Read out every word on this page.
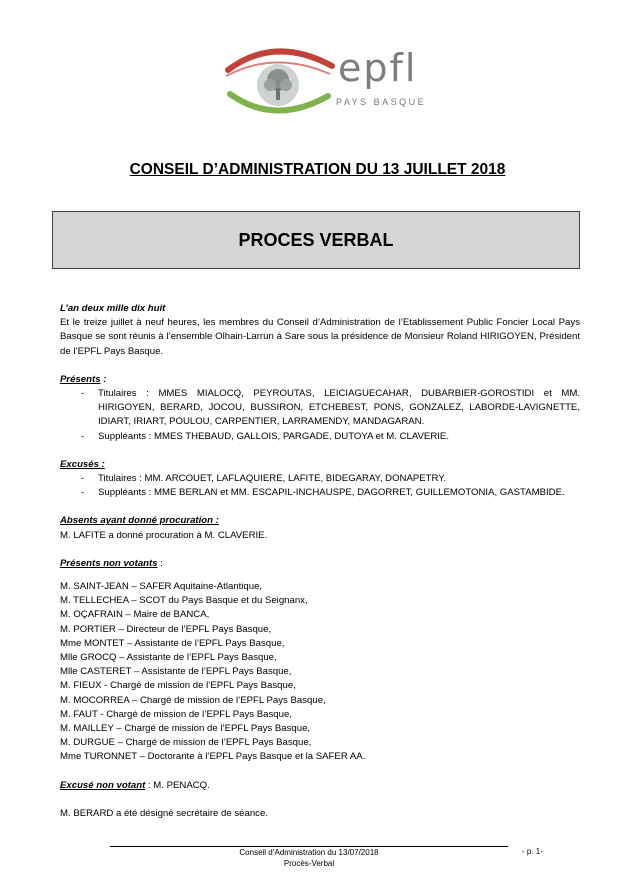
epfl
PAYS BASQUE
CONSEIL D’ADMINISTRATION DU 13 JUILLET 2018
PROCES VERBAL

L’an deux mille dix huit

Et le treize juillet à neuf heures, les membres du Conseil d’Administration de l’Etablissement Public Foncier Local Pays Basque se sont réunis à l’ensemble Olhain-Larrun à Sare sous la présidence de Monsieur Roland HIRIGOYEN, Président de l’EPFL Pays Basque.

Présents :

- Titulaires : MMES MIALOCQ, PEYROUTAS, LEICIAGUECAHAR, DUBARBIER-GOROSTIDI et MM. HIRIGOYEN, BERARD, JOCOU, BUSSIRON, ETCHEBEST, PONS, GONZALEZ, LABORDE-LAVIGNETTE, IDIART, IRIART, POULOU, CARPENTIER, LARRAMENDY, MANDAGARAN.
- Suppléants : MMES THEBAUD, GALLOIS, PARGADE, DUTOYA et M. CLAVERIE.

Excusés :

- Titulaires : MM. ARCOUET, LAFLAQUIERE, LAFITE, BIDEGARAY, DONAPETRY.
- Suppléants : MME BERLAN et MM. ESCAPIL-INCHAUSPE, DAGORRET, GUILLEMOTONIA, GASTAMBIDE.

Absents ayant donné procuration :

M. LAFITE a donné procuration à M. CLAVERIE.

Présents non votants :

M. SAINT-JEAN – SAFER Aquitaine-Atlantique,

M. TELLECHEA – SCOT du Pays Basque et du Seignanx,

M. OÇAFRAIN – Maire de BANCA,

M. PORTIER – Directeur de l’EPFL Pays Basque,

Mme MONTET – Assistante de l’EPFL Pays Basque,

Mlle GROCQ – Assistante de l’EPFL Pays Basque,

Mlle CASTERET – Assistante de l’EPFL Pays Basque,

M. FIEUX - Chargé de mission de l’EPFL Pays Basque,

M. MOCORREA – Chargé de mission de l’EPFL Pays Basque,

M. FAUT - Chargé de mission de l’EPFL Pays Basque,

M. MAILLEY – Chargé de mission de l’EPFL Pays Basque,

M. DURGUE – Chargé de mission de l’EPFL Pays Basque,

Mme TURONNET – Doctorante à l’EPFL Pays Basque et la SAFER AA.

Excusé non votant : M. PENACQ.

M. BERARD a été désigné secrétaire de séance.

Conseil d’Administration du 13/07/2018
Procès-Verbal
- p. 1-
